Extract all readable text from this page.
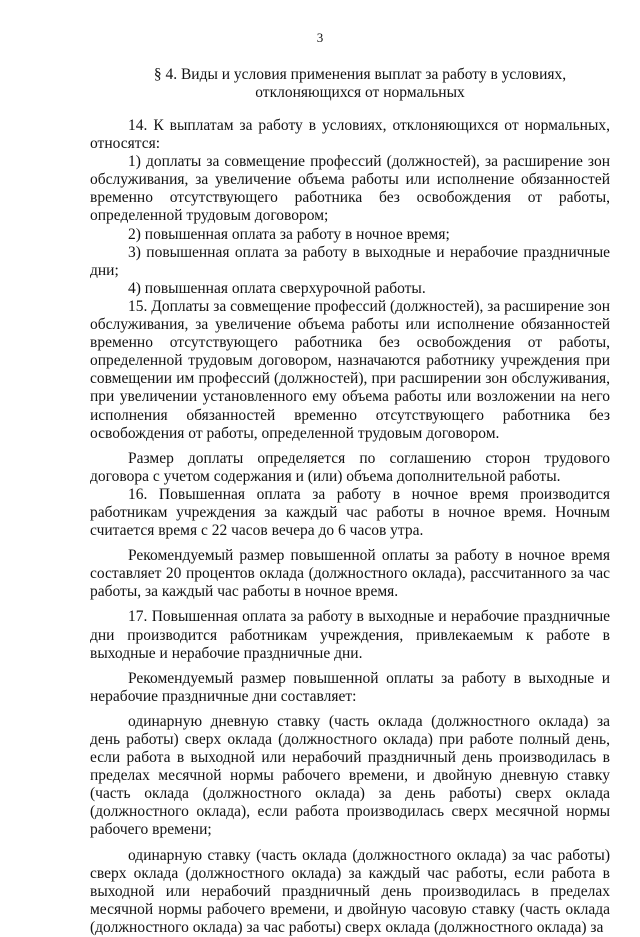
3
§ 4. Виды и условия применения выплат за работу в условиях,
отклоняющихся от нормальных

14. К выплатам за работу в условиях, отклоняющихся от нормальных, относятся:

1) доплаты за совмещение профессий (должностей), за расширение зон обслуживания, за увеличение объема работы или исполнение обязанностей временно отсутствующего работника без освобождения от работы, определенной трудовым договором;

2) повышенная оплата за работу в ночное время;

3) повышенная оплата за работу в выходные и нерабочие праздничные дни;

4) повышенная оплата сверхурочной работы.

15. Доплаты за совмещение профессий (должностей), за расширение зон обслуживания, за увеличение объема работы или исполнение обязанностей временно отсутствующего работника без освобождения от работы, определенной трудовым договором, назначаются работнику учреждения при совмещении им профессий (должностей), при расширении зон обслуживания, при увеличении установленного ему объема работы или возложении на него исполнения обязанностей временно отсутствующего работника без освобождения от работы, определенной трудовым договором.

Размер доплаты определяется по соглашению сторон трудового договора с учетом содержания и (или) объема дополнительной работы.

16. Повышенная оплата за работу в ночное время производится работникам учреждения за каждый час работы в ночное время. Ночным считается время с 22 часов вечера до 6 часов утра.

Рекомендуемый размер повышенной оплаты за работу в ночное время составляет 20 процентов оклада (должностного оклада), рассчитанного за час работы, за каждый час работы в ночное время.

17. Повышенная оплата за работу в выходные и нерабочие праздничные дни производится работникам учреждения, привлекаемым к работе в выходные и нерабочие праздничные дни.

Рекомендуемый размер повышенной оплаты за работу в выходные и нерабочие праздничные дни составляет:

одинарную дневную ставку (часть оклада (должностного оклада) за день работы) сверх оклада (должностного оклада) при работе полный день, если работа в выходной или нерабочий праздничный день производилась в пределах месячной нормы рабочего времени, и двойную дневную ставку (часть оклада (должностного оклада) за день работы) сверх оклада (должностного оклада), если работа производилась сверх месячной нормы рабочего времени;

одинарную ставку (часть оклада (должностного оклада) за час работы) сверх оклада (должностного оклада) за каждый час работы, если работа в выходной или нерабочий праздничный день производилась в пределах месячной нормы рабочего времени, и двойную часовую ставку (часть оклада (должностного оклада) за час работы) сверх оклада (должностного оклада) за
